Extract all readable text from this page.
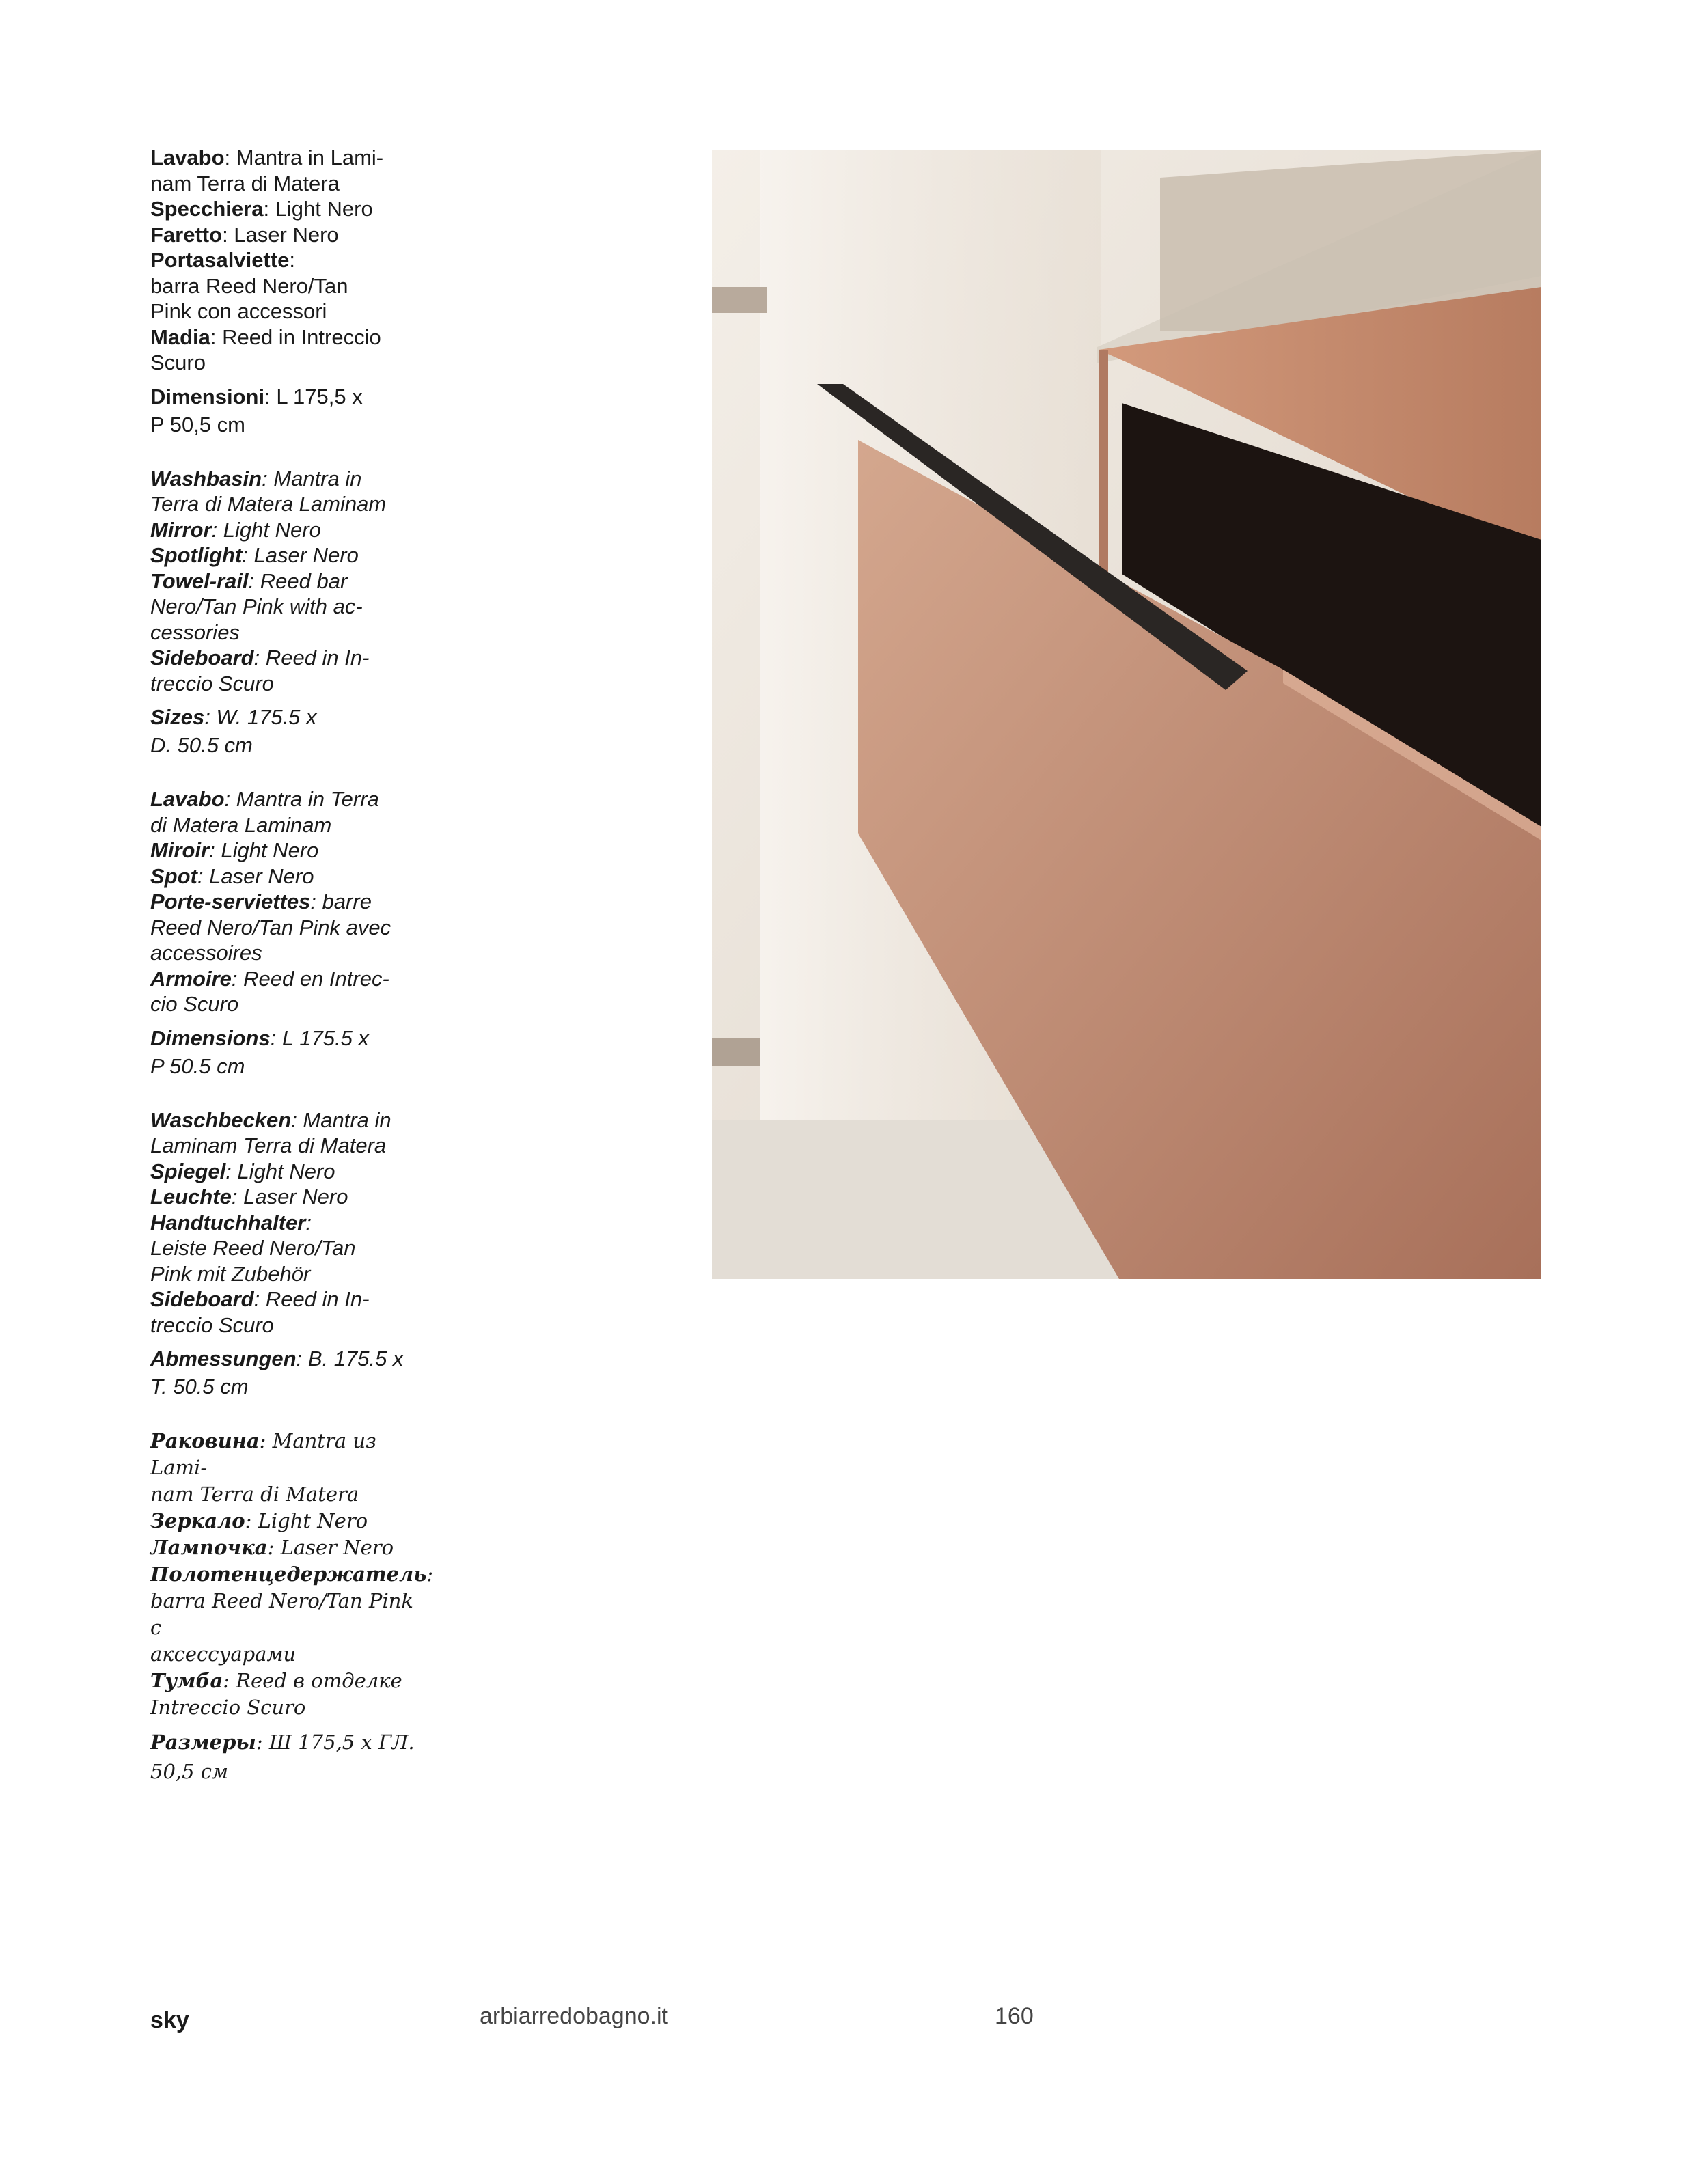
Lavabo: Mantra in Lami-
nam Terra di Matera
Specchiera: Light Nero
Faretto: Laser Nero
Portasalviette:
barra Reed Nero/Tan
Pink con accessori
Madia: Reed in Intreccio
Scuro
Dimensioni: L 175,5 x
P 50,5 cm
Washbasin: Mantra in
Terra di Matera Laminam
Mirror: Light Nero
Spotlight: Laser Nero
Towel-rail: Reed bar
Nero/Tan Pink with ac-
cessories
Sideboard: Reed in In-
treccio Scuro
Sizes: W. 175.5 x
D. 50.5 cm
Lavabo: Mantra in Terra
di Matera Laminam
Miroir: Light Nero
Spot: Laser Nero
Porte-serviettes: barre
Reed Nero/Tan Pink avec
accessoires
Armoire: Reed en Intrec-
cio Scuro
Dimensions: L 175.5 x
P 50.5 cm
Waschbecken: Mantra in
Laminam Terra di Matera
Spiegel: Light Nero
Leuchte: Laser Nero
Handtuchhalter:
Leiste Reed Nero/Tan
Pink mit Zubehör
Sideboard: Reed in In-
treccio Scuro
Abmessungen: B. 175.5 x
T. 50.5 cm
Раковина: Mantra из Lami-
nam Terra di Matera
Зеркало: Light Nero
Лампочка: Laser Nero
Полотенцедержатель:
barra Reed Nero/Tan Pink с
аксессуарами
Тумба: Reed в отделке
Intreccio Scuro
Размеры: Ш 175,5 х ГЛ.
50,5 см
sky	arbiarredobagno.it	160
